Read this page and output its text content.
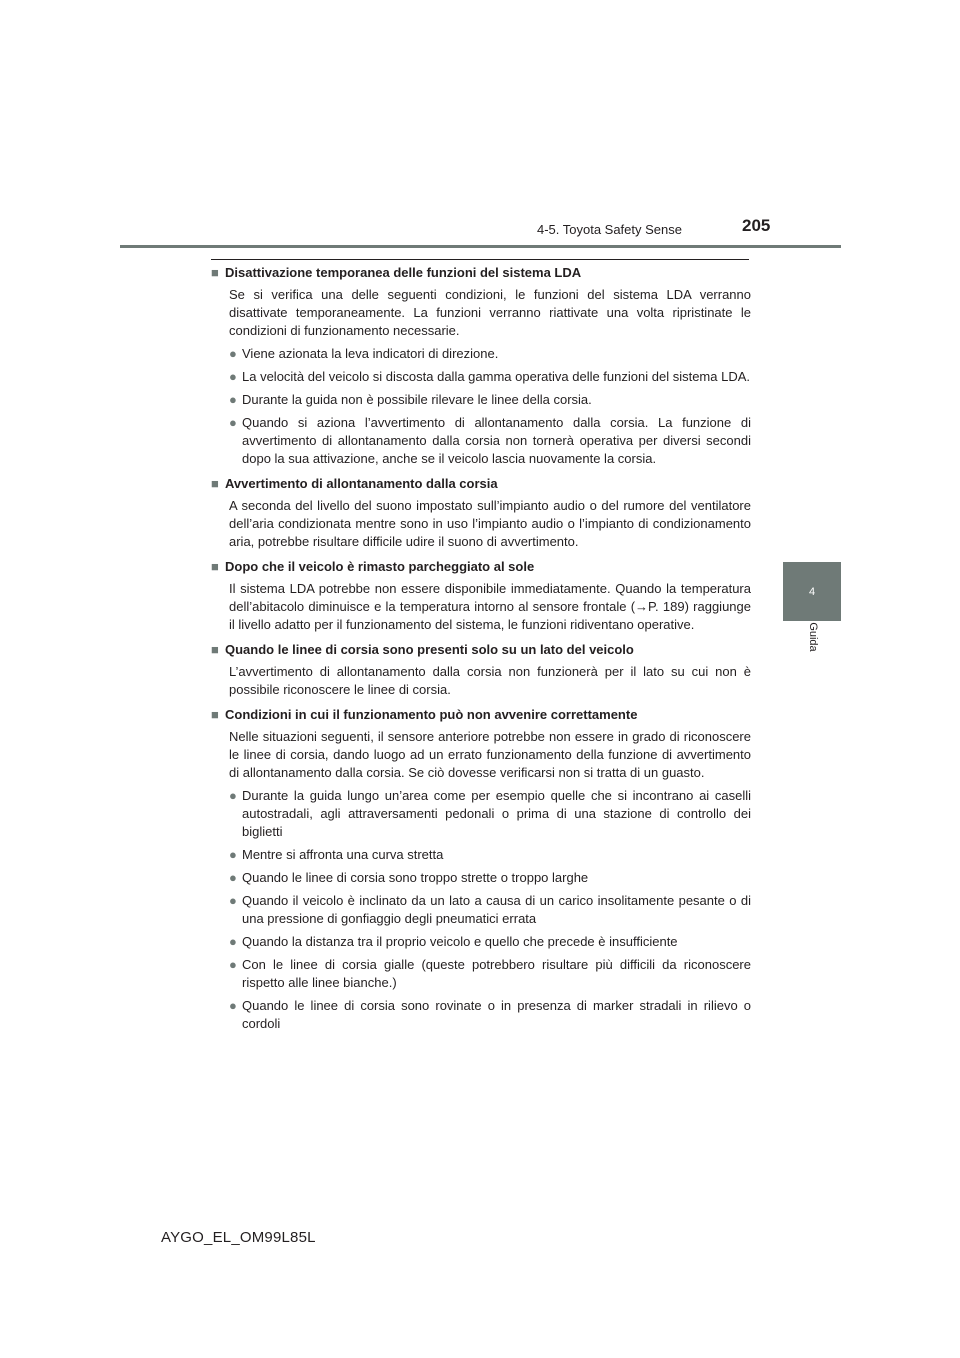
4-5. Toyota Safety Sense	205
4
Guida
■ Disattivazione temporanea delle funzioni del sistema LDA
Se si verifica una delle seguenti condizioni, le funzioni del sistema LDA verranno disattivate temporaneamente. La funzioni verranno riattivate una volta ripristinate le condizioni di funzionamento necessarie.
● Viene azionata la leva indicatori di direzione.
● La velocità del veicolo si discosta dalla gamma operativa delle funzioni del sistema LDA.
● Durante la guida non è possibile rilevare le linee della corsia.
● Quando si aziona l’avvertimento di allontanamento dalla corsia. La funzione di avvertimento di allontanamento dalla corsia non tornerà operativa per diversi secondi dopo la sua attivazione, anche se il veicolo lascia nuovamente la corsia.
■ Avvertimento di allontanamento dalla corsia
A seconda del livello del suono impostato sull’impianto audio o del rumore del ventilatore dell’aria condizionata mentre sono in uso l’impianto audio o l’impianto di condizionamento aria, potrebbe risultare difficile udire il suono di avvertimento.
■ Dopo che il veicolo è rimasto parcheggiato al sole
Il sistema LDA potrebbe non essere disponibile immediatamente. Quando la temperatura dell’abitacolo diminuisce e la temperatura intorno al sensore frontale (→P. 189) raggiunge il livello adatto per il funzionamento del sistema, le funzioni ridiventano operative.
■ Quando le linee di corsia sono presenti solo su un lato del veicolo
L’avvertimento di allontanamento dalla corsia non funzionerà per il lato su cui non è possibile riconoscere le linee di corsia.
■ Condizioni in cui il funzionamento può non avvenire correttamente
Nelle situazioni seguenti, il sensore anteriore potrebbe non essere in grado di riconoscere le linee di corsia, dando luogo ad un errato funzionamento della funzione di avvertimento di allontanamento dalla corsia. Se ciò dovesse verificarsi non si tratta di un guasto.
● Durante la guida lungo un’area come per esempio quelle che si incontrano ai caselli autostradali, agli attraversamenti pedonali o prima di una stazione di controllo dei biglietti
● Mentre si affronta una curva stretta
● Quando le linee di corsia sono troppo strette o troppo larghe
● Quando il veicolo è inclinato da un lato a causa di un carico insolitamente pesante o di una pressione di gonfiaggio degli pneumatici errata
● Quando la distanza tra il proprio veicolo e quello che precede è insufficiente
● Con le linee di corsia gialle (queste potrebbero risultare più difficili da riconoscere rispetto alle linee bianche.)
● Quando le linee di corsia sono rovinate o in presenza di marker stradali in rilievo o cordoli
AYGO_EL_OM99L85L
